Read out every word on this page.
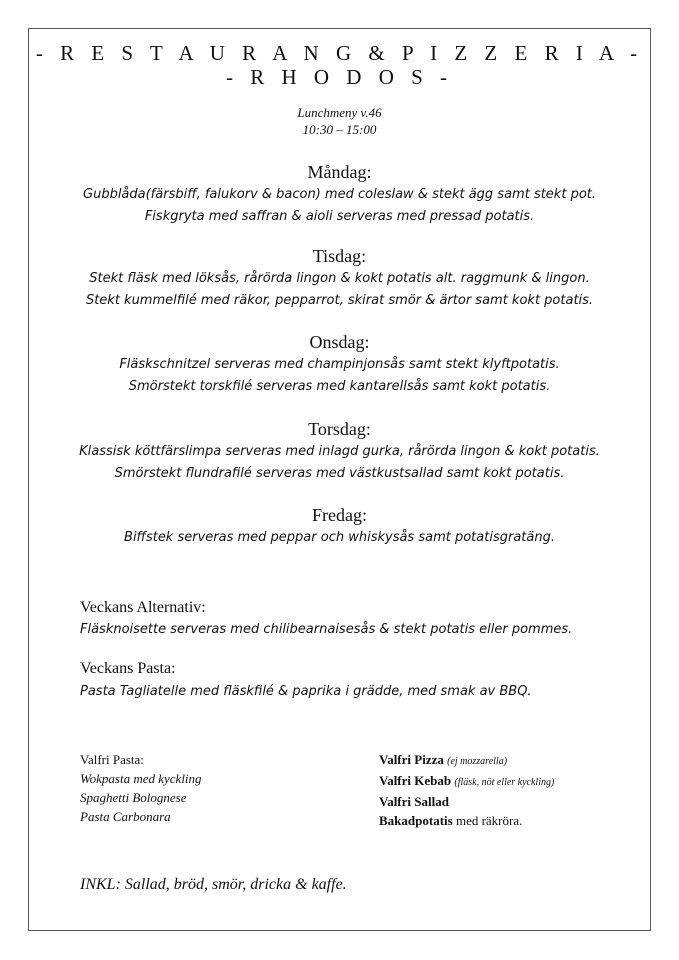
- R E S T A U R A N G & P I Z Z E R I A -
- R H O D O S -
Lunchmeny v.46
10:30 – 15:00
Måndag:
Gubblåda(färsbiff, falukorv & bacon) med coleslaw & stekt ägg samt stekt pot.
Fiskgryta med saffran & aioli serveras med pressad potatis.
Tisdag:
Stekt fläsk med löksås, rårörda lingon & kokt potatis alt. raggmunk & lingon.
Stekt kummelfilé med räkor, pepparrot, skirat smör & ärtor samt kokt potatis.
Onsdag:
Fläskschnitzel serveras med champinjonsås samt stekt klyftpotatis.
Smörstekt torskfilé serveras med kantarellsås samt kokt potatis.
Torsdag:
Klassisk köttfärslimpa serveras med inlagd gurka, rårörda lingon & kokt potatis.
Smörstekt flundrafilé serveras med västkustsallad samt kokt potatis.
Fredag:
Biffstek serveras med peppar och whiskysås samt potatisgratäng.
Veckans Alternativ:
Fläsknoisette serveras med chilibearnaisesås & stekt potatis eller pommes.
Veckans Pasta:
Pasta Tagliatelle med fläskfilé & paprika i grädde, med smak av BBQ.
Valfri Pasta:
Wokpasta med kyckling
Spaghetti Bolognese
Pasta Carbonara
Valfri Pizza (ej mozzarella)
Valfri Kebab (fläsk, nöt eller kyckling)
Valfri Sallad
Bakadpotatis med räkröra.
INKL: Sallad, bröd, smör, dricka & kaffe.
